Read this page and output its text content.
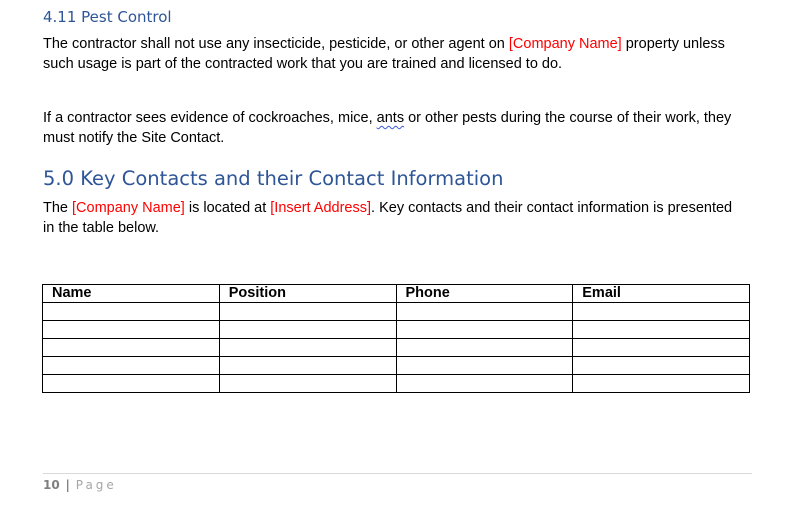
4.11 Pest Control
The contractor shall not use any insecticide, pesticide, or other agent on [Company Name] property unless such usage is part of the contracted work that you are trained and licensed to do.
If a contractor sees evidence of cockroaches, mice, ants or other pests during the course of their work, they must notify the Site Contact.
5.0 Key Contacts and their Contact Information
The [Company Name] is located at [Insert Address]. Key contacts and their contact information is presented in the table below.
Name	Position	Phone	Email

10 | Page
